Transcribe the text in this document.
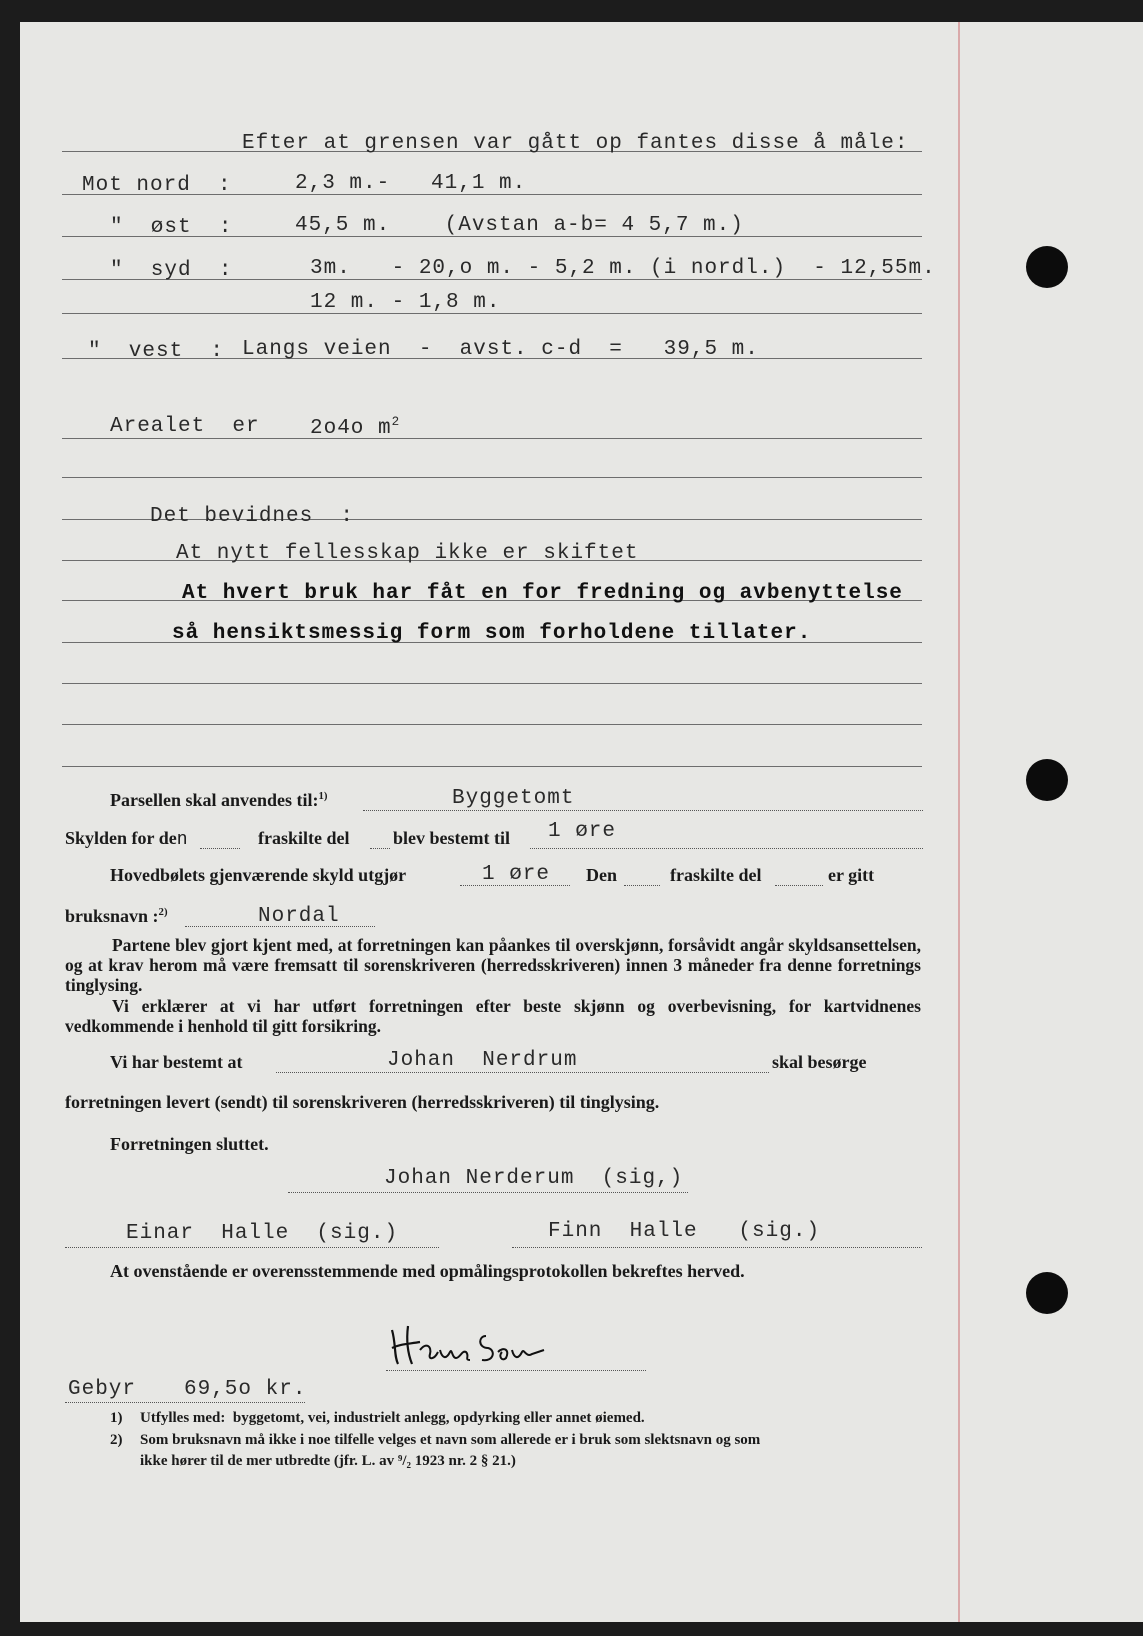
Efter at grensen var gått op fantes disse å måle:
Mot nord  :	2,3 m.-   41,1 m.
"  øst  :	45,5 m.    (Avstan a-b= 4 5,7 m.)
"  syd  :	3m.   - 20,o m. - 5,2 m. (i nordl.)  - 12,55m.
12 m. - 1,8 m.
"  vest  : Langs veien  -  avst. c-d  =   39,5 m.
Arealet  er 2o4o $m^2$
Det bevidnes  :
At nytt fellesskap ikke er skiftet
At hvert bruk har fåt en for fredning og avbenyttelse
så hensiktsmessig form som forholdene tillater.
Parsellen skal anvendes til:$^{1)}$	Byggetomt
Skylden for den	fraskilte del blev bestemt til 1 øre
Hovedbølets gjenværende skyld utgjør	1 øre Den	fraskilte del	er gitt
bruksnavn :$^{2)}$	Nordal
Partene blev gjort kjent med, at forretningen kan påankes til overskjønn, forsåvidt angår skyldsansettelsen, og at krav herom må være fremsatt til sorenskriveren (herredsskriveren) innen 3 måneder fra denne forretnings tinglysing.
Vi erklærer at vi har utført forretningen efter beste skjønn og overbevisning, for kartvidnenes vedkommende i henhold til gitt forsikring.
Vi har bestemt at	Johan  Nerdrum	skal besørge
forretningen levert (sendt) til sorenskriveren (herredsskriveren) til tinglysing.
Forretningen sluttet.
Johan Nerderum  (sig,)
Einar  Halle  (sig.)	Finn  Halle   (sig.)
At ovenstående er overensstemmende med opmålingsprotokollen bekreftes herved.
Gebyr 69,5o kr.
1) Utfylles med:  byggetomt, vei, industrielt anlegg, opdyrking eller annet øiemed.
2) Som bruksnavn må ikke i noe tilfelle velges et navn som allerede er i bruk som slektsnavn og som
ikke hører til de mer utbredte (jfr. L. av ⁹/₂ 1923 nr. 2 § 21.)
